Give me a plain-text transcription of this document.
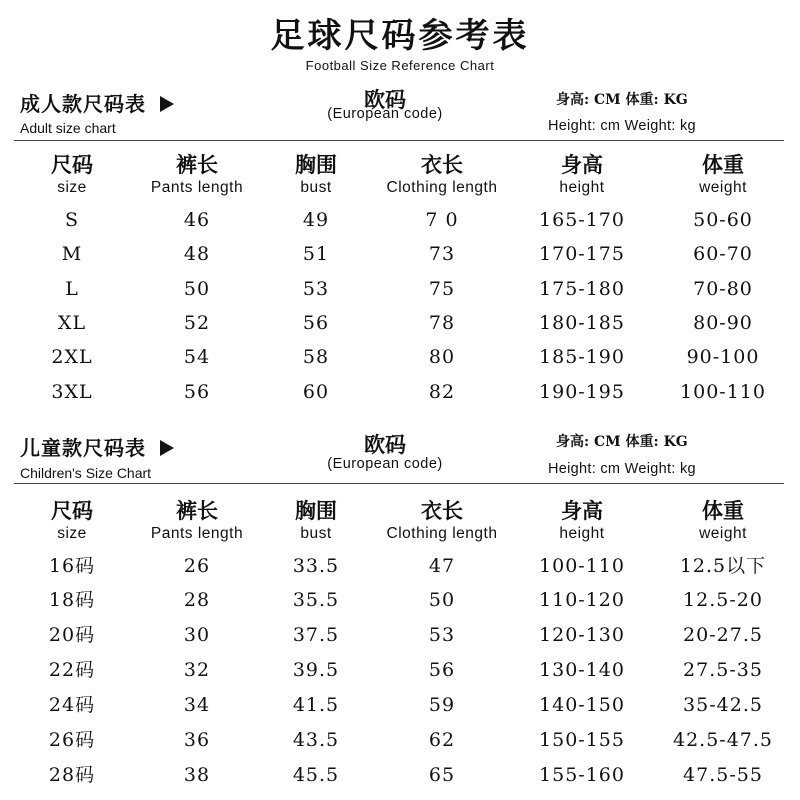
足球尺码参考表
Football Size Reference Chart
成人款尺码表
Adult size chart
欧码
(European code)
身高: CM 体重: KG
Height: cm Weight: kg
尺码
size
裤长
Pants length
胸围
bust
衣长
Clothing length
身高
height
体重
weight
S	46	49	7 0	165-170	50-60
M	48	51	73	170-175	60-70
L	50	53	75	175-180	70-80
XL	52	56	78	180-185	80-90
2XL	54	58	80	185-190	90-100
3XL	56	60	82	190-195	100-110
儿童款尺码表
Children's Size Chart
欧码
(European code)
身高: CM 体重: KG
Height: cm Weight: kg
尺码
size
裤长
Pants length
胸围
bust
衣长
Clothing length
身高
height
体重
weight
16码	26	33.5	47	100-110	12.5以下
18码	28	35.5	50	110-120	12.5-20
20码	30	37.5	53	120-130	20-27.5
22码	32	39.5	56	130-140	27.5-35
24码	34	41.5	59	140-150	35-42.5
26码	36	43.5	62	150-155	42.5-47.5
28码	38	45.5	65	155-160	47.5-55
